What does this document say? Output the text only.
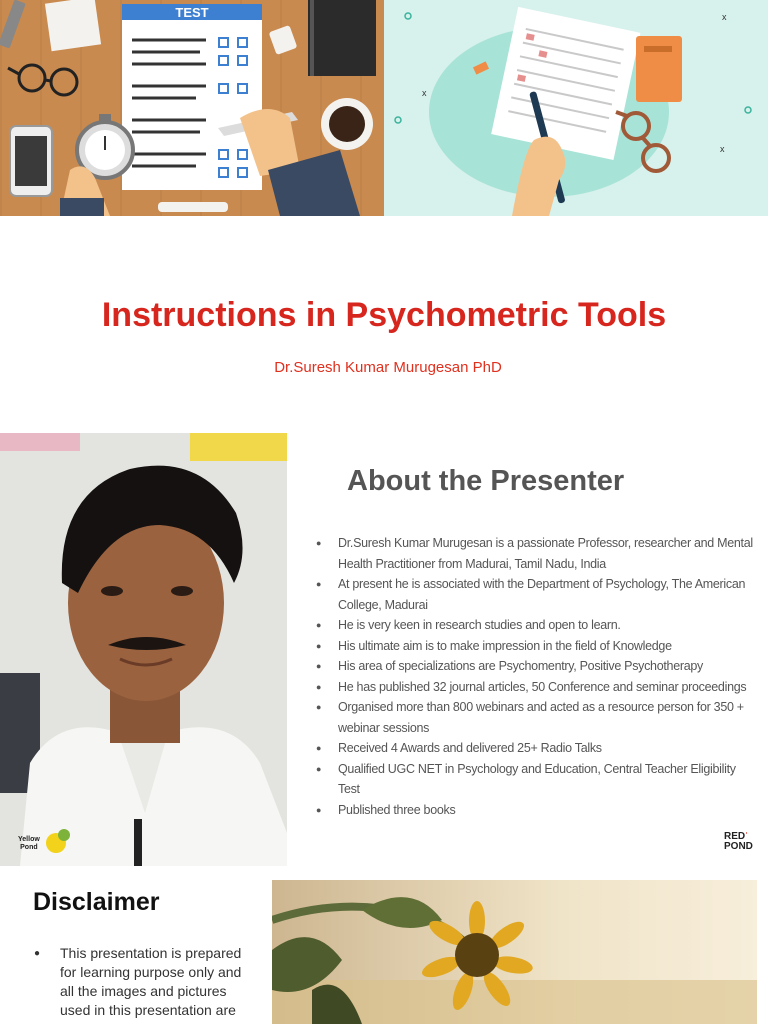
TEST
x
x
x
Instructions in Psychometric Tools

Dr.Suresh Kumar Murugesan PhD

Yellow
Pond
About the Presenter
● Dr.Suresh Kumar Murugesan is a passionate Professor, researcher and Mental Health Practitioner from Madurai, Tamil Nadu, India
● At present he is associated with the Department of Psychology, The American College, Madurai
● He is very keen in research studies and open to learn.
● His ultimate aim is to make impression in the field of Knowledge
● His area of specializations are Psychomentry, Positive Psychotherapy
● He has published 32 journal articles, 50 Conference and seminar proceedings
● Organised more than 800 webinars and acted as a resource person for 350 + webinar sessions
● Received 4 Awards and delivered 25+ Radio Talks
● Qualified UGC NET in Psychology and Education, Central Teacher Eligibility Test
● Published three books
REDʾ
POND
Disclaimer
● This presentation is prepared for learning purpose only and all the images and pictures used in this presentation are
